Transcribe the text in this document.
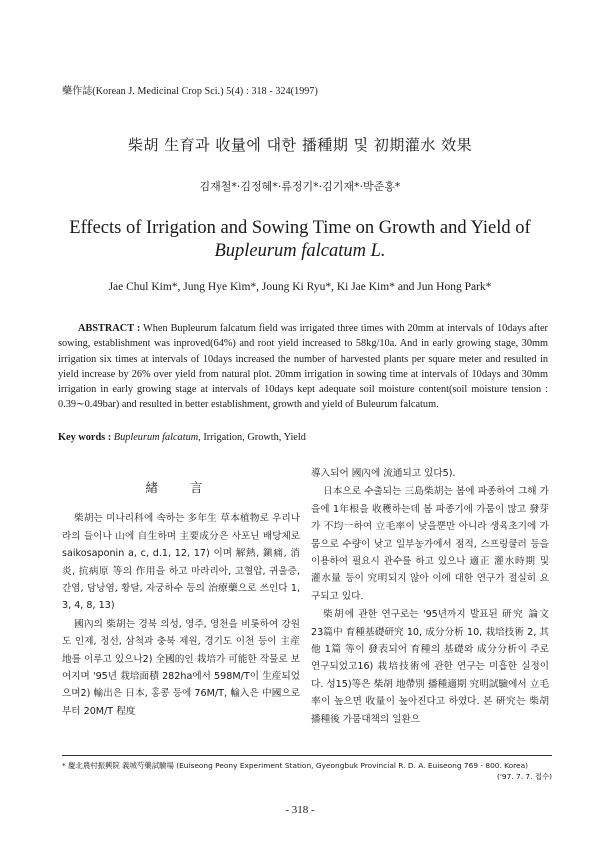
藥作誌(Korean J. Medicinal Crop Sci.) 5(4) : 318 - 324(1997)
柴胡 生育과 收量에 대한 播種期 및 初期灌水 效果
김재철*·김정혜*·류정기*·김기재*·박준홍*
Effects of Irrigation and Sowing Time on Growth and Yield of
Bupleurum falcatum L.
Jae Chul Kim*, Jung Hye Kim*, Joung Ki Ryu*, Ki Jae Kim* and Jun Hong Park*
ABSTRACT : When Bupleurum falcatum field was irrigated three times with 20mm at intervals of 10days after sowing, establishment was inproved(64%) and root yield increased to 58kg/10a. And in early growing stage, 30mm irrigation six times at intervals of 10days increased the number of harvested plants per square meter and resulted in yield increase by 26% over yield from natural plot. 20mm irrigation in sowing time at intervals of 10days and 30mm irrigation in early growing stage at intervals of 10days kept adequate soil moisture content(soil moisture tension : 0.39∼0.49bar) and resulted in better establishment, growth and yield of Buleurum falcatum.
Key words : Bupleurum falcatum, Irrigation, Growth, Yield
緖 言

柴胡는 미나리科에 속하는 多年生 草本植物로 우리나라의 들이나 山에 自生하며 主要成分은 사포닌 배당체로 saikosaponin a, c, d.1, 12, 17) 이며 解熱, 鎭痛, 消炎, 抗病原 等의 作用을 하고 마라리아, 고혈압, 귀울증, 간염, 담낭염, 황달, 자궁하수 등의 治療藥으로 쓰인다 1, 3, 4, 8, 13)

國內의 柴胡는 경북 의성, 영주, 영천을 비롯하여 강원도 인제, 정선, 삼척과 충북 제원, 경기도 이천 등이 主産地를 이루고 있으나2) 全國的인 栽培가 可能한 작물로 보여지며 '95년 栽培面積 282ha에서 598M/T이 生産되었으며2) 輸出은 日本, 홍콩 등에 76M/T, 輸入은 中國으로부터 20M/T 程度

導入되어 國內에 流通되고 있다5).

日本으로 수출되는 三島柴胡는 봄에 파종하여 그해 가을에 1年根을 收穫하는데 봄 파종기에 가뭄이 많고 發芽가 不均一하여 立毛率이 낮을뿐만 아니라 생육초기에 가뭄으로 수량이 낮고 일부농가에서 점적, 스프링쿨러 등을 이용하여 필요시 관수를 하고 있으나 適正 灌水時期 및 灌水量 등이 究明되지 않아 이에 대한 연구가 절실히 요구되고 있다.

柴胡에 관한 연구로는 '95년까지 발표된 研究 論文 23篇中 育種基礎研究 10, 成分分析 10, 栽培技術 2, 其他 1篇 等이 發表되어 育種의 基礎와 成分分析이 주로 연구되었고16) 栽培技術에 관한 연구는 미흡한 실정이다. 성15)等은 柴胡 地帶別 播種適期 究明試驗에서 立毛率이 높으면 收量이 높아진다고 하였다. 본 硏究는 柴胡 播種後 가뭄대책의 일환으

* 慶北農村振興院 義城芍藥試驗場 (Euiseong Peony Experiment Station, Gyeongbuk Provincial R. D. A. Euiseong 769 - 800. Korea)
('97. 7. 7. 접수)
- 318 -
